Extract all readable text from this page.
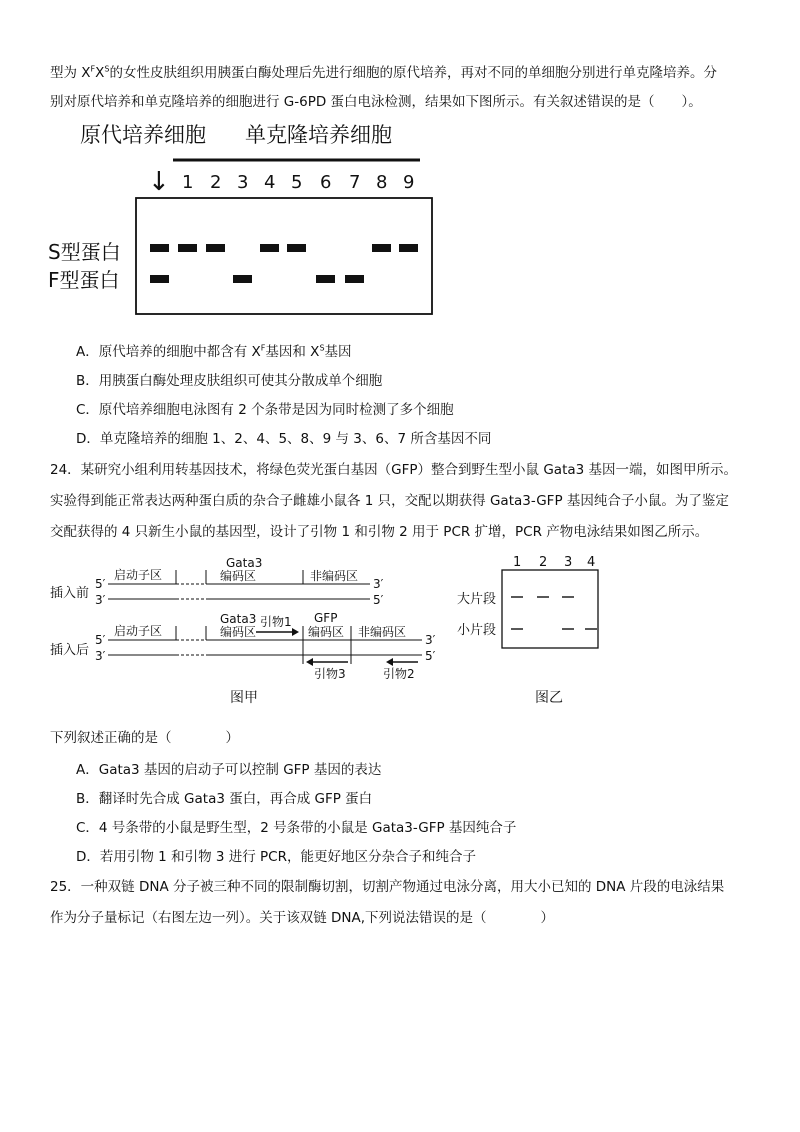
型为 $X^FX^S$的女性皮肤组织用胰蛋白酶处理后先进行细胞的原代培养，再对不同的单细胞分别进行单克隆培养。分
别对原代培养和单克隆培养的细胞进行 G-6PD 蛋白电泳检测，结果如下图所示。有关叙述错误的是（　　）。
原代培养细胞 单克隆培养细胞
↓ 1 2 3 4 5 6 7 8 9
S型蛋白
F型蛋白
A．原代培养的细胞中都含有 $X^F$基因和 $X^S$基因
B．用胰蛋白酶处理皮肤组织可使其分散成单个细胞
C．原代培养细胞电泳图有 2 个条带是因为同时检测了多个细胞
D．单克隆培养的细胞 1、2、4、5、8、9 与 3、6、7 所含基因不同
24．某研究小组利用转基因技术，将绿色荧光蛋白基因（GFP）整合到野生型小鼠 Gata3 基因一端，如图甲所示。
实验得到能正常表达两种蛋白质的杂合子雌雄小鼠各 1 只，交配以期获得 Gata3-GFP 基因纯合子小鼠。为了鉴定
交配获得的 4 只新生小鼠的基因型，设计了引物 1 和引物 2 用于 PCR 扩增，PCR 产物电泳结果如图乙所示。
插入前
5′
3′
启动子区
Gata3
编码区	非编码区
3′
5′
插入后
5′
3′
启动子区
Gata3
编码区
引物1 GFP
编码区 非编码区
3′
5′
引物3	引物2
图甲
1 2 3 4
大片段
小片段
图乙
下列叙述正确的是（　　　　）
A．Gata3 基因的启动子可以控制 GFP 基因的表达
B．翻译时先合成 Gata3 蛋白，再合成 GFP 蛋白
C．4 号条带的小鼠是野生型，2 号条带的小鼠是 Gata3-GFP 基因纯合子
D．若用引物 1 和引物 3 进行 PCR，能更好地区分杂合子和纯合子
25．一种双链 DNA 分子被三种不同的限制酶切割，切割产物通过电泳分离，用大小已知的 DNA 片段的电泳结果
作为分子量标记（右图左边一列）。关于该双链 DNA,下列说法错误的是（　　　　）
